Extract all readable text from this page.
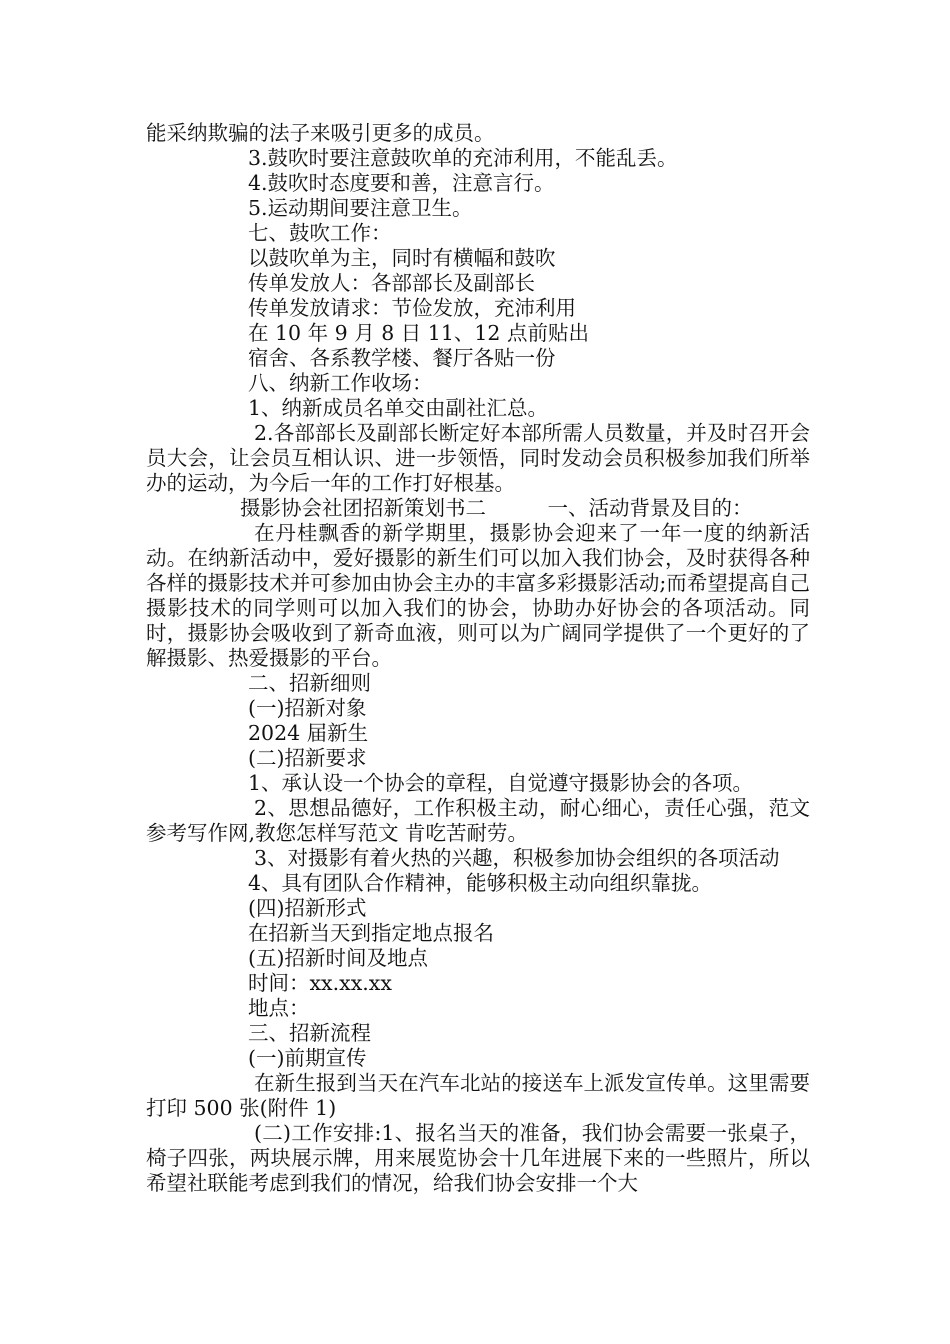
能采纳欺骗的法子来吸引更多的成员。

3.鼓吹时要注意鼓吹单的充沛利用，不能乱丢。

4.鼓吹时态度要和善，注意言行。

5.运动期间要注意卫生。

七、鼓吹工作：

以鼓吹单为主，同时有横幅和鼓吹

传单发放人：各部部长及副部长

传单发放请求：节俭发放，充沛利用

在 10 年 9 月 8 日 11、12 点前贴出

宿舍、各系教学楼、餐厅各贴一份

八、纳新工作收场：

1、纳新成员名单交由副社汇总。

2.各部部长及副部长断定好本部所需人员数量，并及时召开会员大会，让会员互相认识、进一步领悟，同时发动会员积极参加我们所举办的运动，为今后一年的工作打好根基。

摄影协会社团招新策划书二　　　一、活动背景及目的：

在丹桂飘香的新学期里，摄影协会迎来了一年一度的纳新活动。在纳新活动中，爱好摄影的新生们可以加入我们协会，及时获得各种各样的摄影技术并可参加由协会主办的丰富多彩摄影活动;而希望提高自己摄影技术的同学则可以加入我们的协会，协助办好协会的各项活动。同时，摄影协会吸收到了新奇血液，则可以为广阔同学提供了一个更好的了解摄影、热爱摄影的平台。

二、招新细则

(一)招新对象

2024 届新生

(二)招新要求

1、承认设一个协会的章程，自觉遵守摄影协会的各项。

2、思想品德好，工作积极主动，耐心细心，责任心强，范文参考写作网,教您怎样写范文 肯吃苦耐劳。

3、对摄影有着火热的兴趣，积极参加协会组织的各项活动

4、具有团队合作精神，能够积极主动向组织靠拢。

(四)招新形式

在招新当天到指定地点报名

(五)招新时间及地点

时间：xx.xx.xx

地点：

三、招新流程

(一)前期宣传

在新生报到当天在汽车北站的接送车上派发宣传单。这里需要打印 500 张(附件 1)

(二)工作安排:1、报名当天的准备，我们协会需要一张桌子，椅子四张，两块展示牌，用来展览协会十几年进展下来的一些照片，所以希望社联能考虑到我们的情况，给我们协会安排一个大
